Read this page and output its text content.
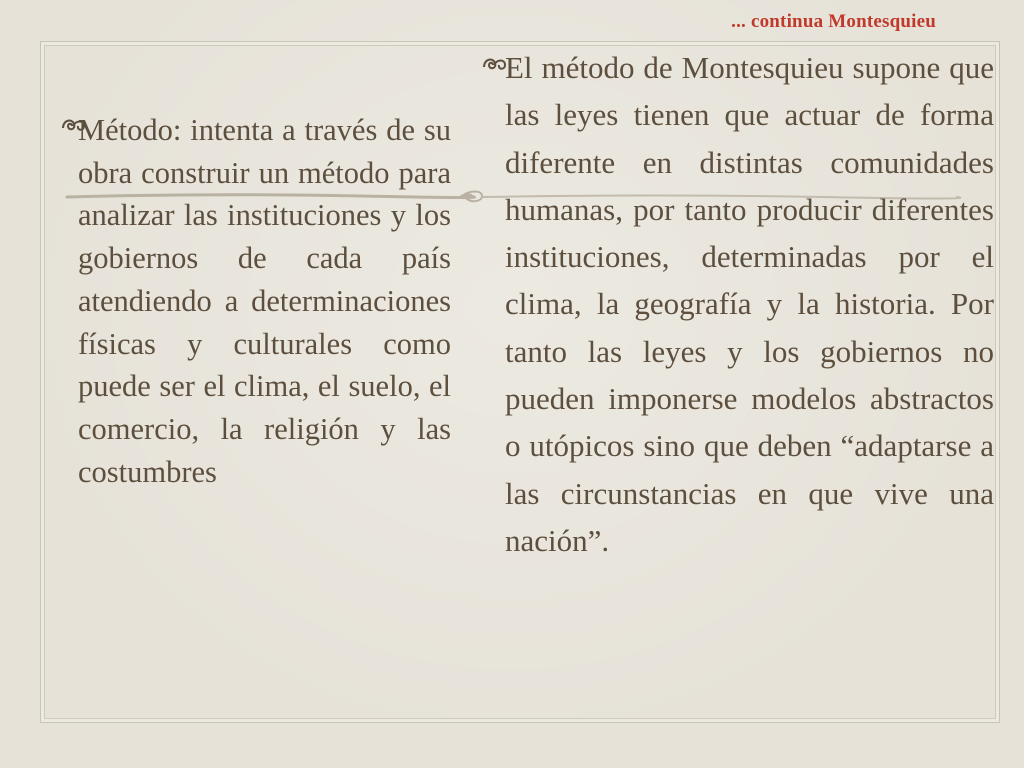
... continua Montesquieu
Método: intenta a través de su obra construir un método para analizar las instituciones y los gobiernos de cada país atendiendo a determinaciones físicas y culturales como puede ser el clima, el suelo, el comercio, la religión y las costumbres
El método de Montesquieu supone que las leyes tienen que actuar de forma diferente en distintas comunidades humanas, por tanto producir diferentes instituciones, determinadas por el clima, la geografía y la historia. Por tanto las leyes y los gobiernos no pueden imponerse modelos abstractos o utópicos sino que deben “adaptarse a las circunstancias en que vive una nación”.
